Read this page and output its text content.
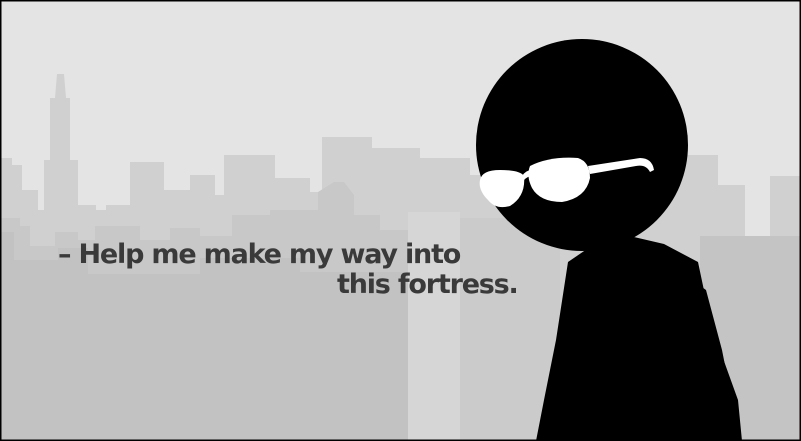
– Help me make my way into
this fortress.
